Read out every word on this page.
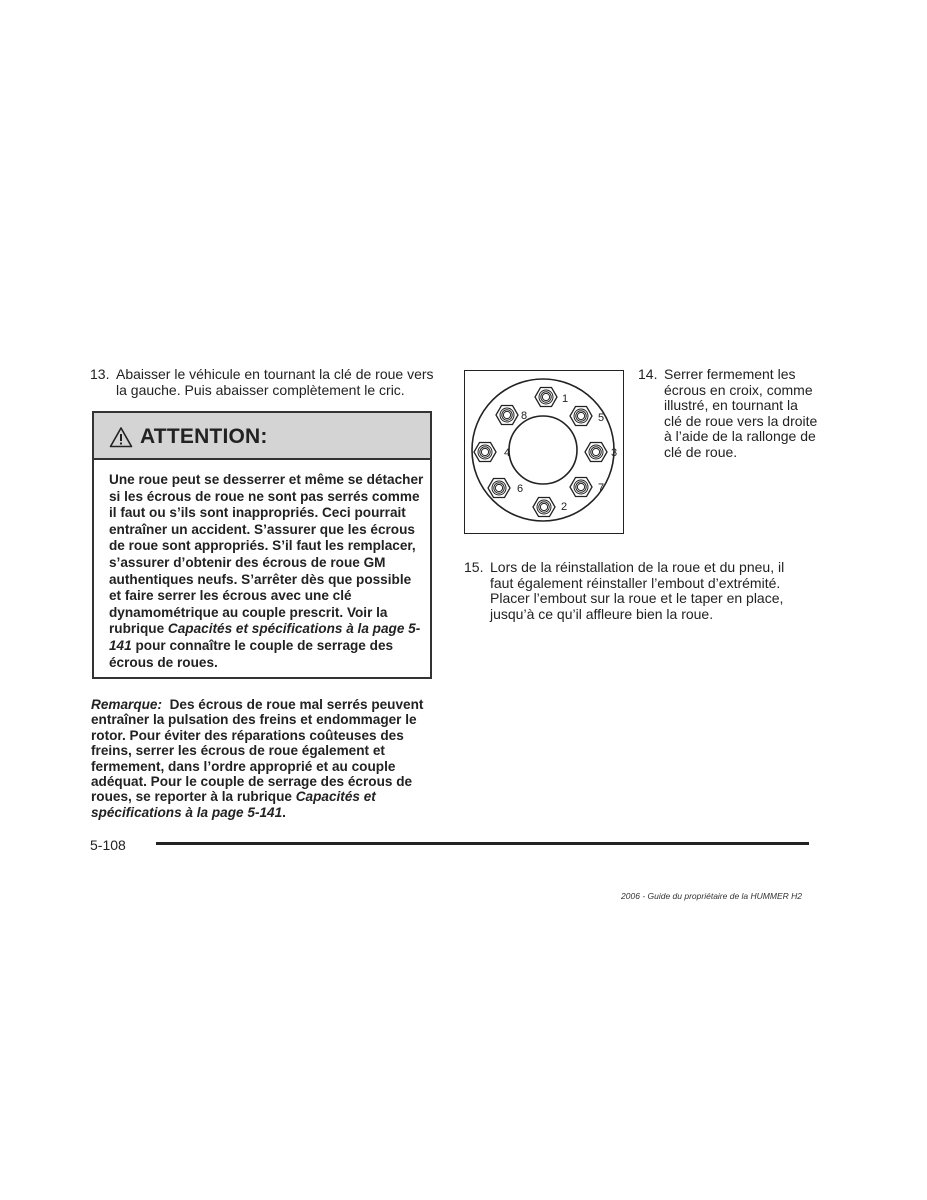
13. Abaisser le véhicule en tournant la clé de roue vers la gauche. Puis abaisser complètement le cric.
ATTENTION:
Une roue peut se desserrer et même se détacher si les écrous de roue ne sont pas serrés comme il faut ou s’ils sont inappropriés. Ceci pourrait entraîner un accident. S’assurer que les écrous de roue sont appropriés. S’il faut les remplacer, s’assurer d’obtenir des écrous de roue GM authentiques neufs. S’arrêter dès que possible et faire serrer les écrous avec une clé dynamométrique au couple prescrit. Voir la rubrique Capacités et spécifications à la page 5-141 pour connaître le couple de serrage des écrous de roues.
Remarque: Des écrous de roue mal serrés peuvent entraîner la pulsation des freins et endommager le rotor. Pour éviter des réparations coûteuses des freins, serrer les écrous de roue également et fermement, dans l’ordre approprié et au couple adéquat. Pour le couple de serrage des écrous de roues, se reporter à la rubrique Capacités et spécifications à la page 5-141.
1
2
3
4
5
6	7
8
14. Serrer fermement les écrous en croix, comme illustré, en tournant la clé de roue vers la droite à l’aide de la rallonge de clé de roue.
15. Lors de la réinstallation de la roue et du pneu, il faut également réinstaller l’embout d’extrémité. Placer l’embout sur la roue et le taper en place, jusqu’à ce qu’il affleure bien la roue.
5-108
2006 - Guide du propriétaire de la HUMMER H2
